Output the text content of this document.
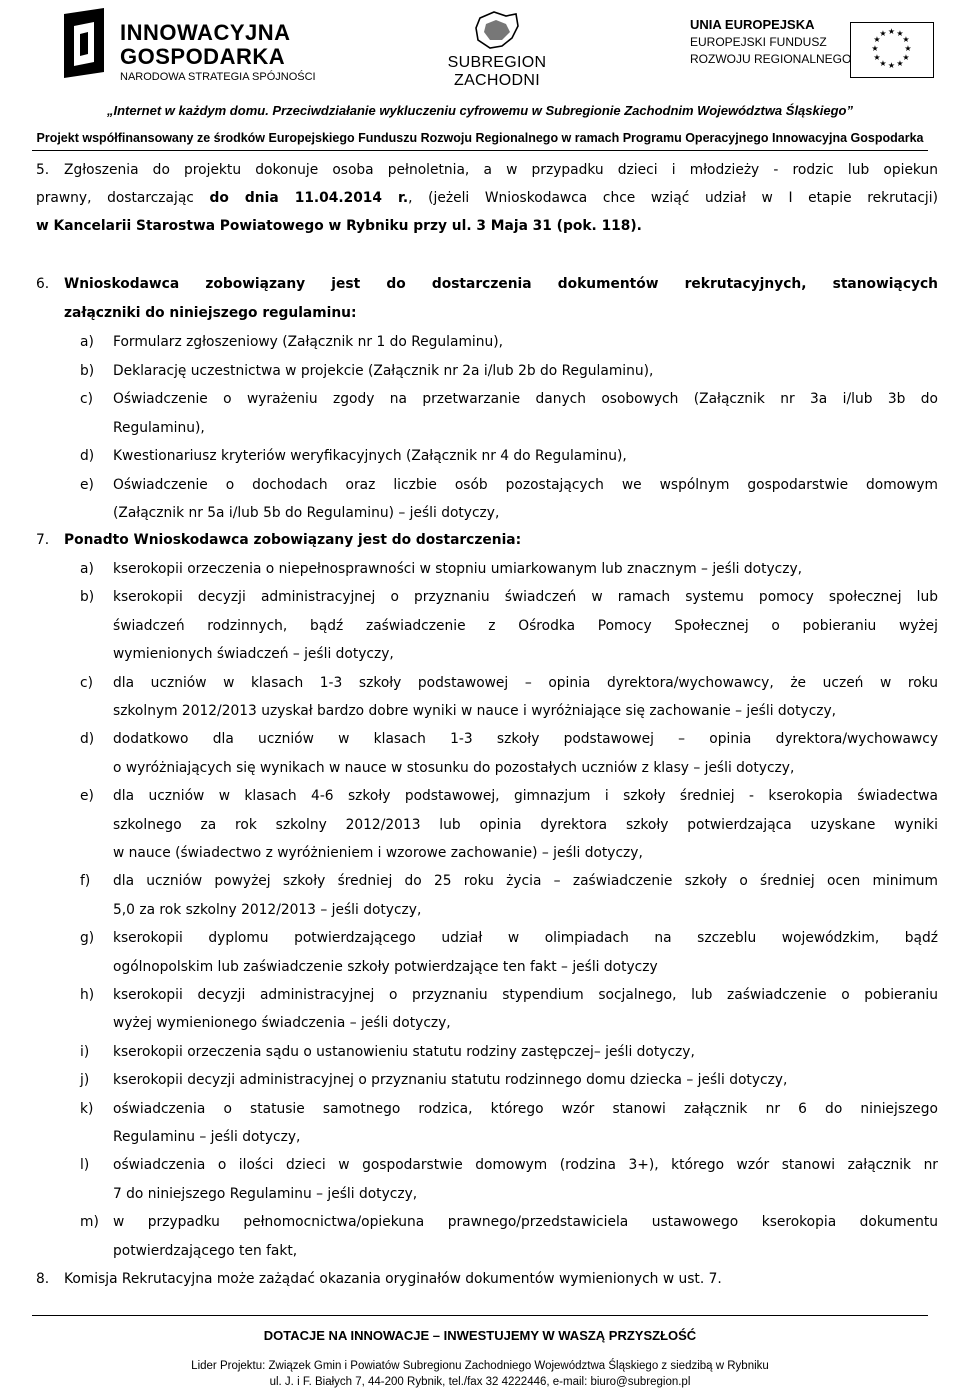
INNOWACYJNA
GOSPODARKA
NARODOWA STRATEGIA SPÓJNOŚCI
SUBREGION ZACHODNI
UNIA EUROPEJSKA
EUROPEJSKI FUNDUSZ
ROZWOJU REGIONALNEGO
★ ★
★
★
★
★
★
★
★
★
★
★
„Internet w każdym domu. Przeciwdziałanie wykluczeniu cyfrowemu w Subregionie Zachodnim Województwa Śląskiego”
Projekt współfinansowany ze środków Europejskiego Funduszu Rozwoju Regionalnego w ramach Programu Operacyjnego Innowacyjna Gospodarka
5. Zgłoszenia do projektu dokonuje osoba pełnoletnia, a w przypadku dzieci i młodzieży - rodzic lub opiekun
prawny, dostarczając do dnia 11.04.2014 r., (jeżeli Wnioskodawca chce wziąć udział w I etapie rekrutacji)
w Kancelarii Starostwa Powiatowego w Rybniku przy ul. 3 Maja 31 (pok. 118).
6. Wnioskodawca zobowiązany jest do dostarczenia dokumentów rekrutacyjnych, stanowiących
załączniki do niniejszego regulaminu:
a) Formularz zgłoszeniowy (Załącznik nr 1 do Regulaminu),
b) Deklarację uczestnictwa w projekcie (Załącznik nr 2a i/lub 2b do Regulaminu),
c) Oświadczenie o wyrażeniu zgody na przetwarzanie danych osobowych (Załącznik nr 3a i/lub 3b do
Regulaminu),
d) Kwestionariusz kryteriów weryfikacyjnych (Załącznik nr 4 do Regulaminu),
e) Oświadczenie o dochodach oraz liczbie osób pozostających we wspólnym gospodarstwie domowym
(Załącznik nr 5a i/lub 5b do Regulaminu) – jeśli dotyczy,
7. Ponadto Wnioskodawca zobowiązany jest do dostarczenia:
a) kserokopii orzeczenia o niepełnosprawności w stopniu umiarkowanym lub znacznym – jeśli dotyczy,
b) kserokopii decyzji administracyjnej o przyznaniu świadczeń w ramach systemu pomocy społecznej lub
świadczeń rodzinnych, bądź zaświadczenie z Ośrodka Pomocy Społecznej o pobieraniu wyżej
wymienionych świadczeń – jeśli dotyczy,
c) dla uczniów w klasach 1-3 szkoły podstawowej – opinia dyrektora/wychowawcy, że uczeń w roku
szkolnym 2012/2013 uzyskał bardzo dobre wyniki w nauce i wyróżniające się zachowanie – jeśli dotyczy,
d) dodatkowo dla uczniów w klasach 1-3 szkoły podstawowej – opinia dyrektora/wychowawcy
o wyróżniających się wynikach w nauce w stosunku do pozostałych uczniów z klasy – jeśli dotyczy,
e) dla uczniów w klasach 4-6 szkoły podstawowej, gimnazjum i szkoły średniej - kserokopia świadectwa
szkolnego za rok szkolny 2012/2013 lub opinia dyrektora szkoły potwierdzająca uzyskane wyniki
w nauce (świadectwo z wyróżnieniem i wzorowe zachowanie) – jeśli dotyczy,
f) dla uczniów powyżej szkoły średniej do 25 roku życia – zaświadczenie szkoły o średniej ocen minimum
5,0 za rok szkolny 2012/2013 – jeśli dotyczy,
g) kserokopii dyplomu potwierdzającego udział w olimpiadach na szczeblu wojewódzkim, bądź
ogólnopolskim lub zaświadczenie szkoły potwierdzające ten fakt – jeśli dotyczy
h) kserokopii decyzji administracyjnej o przyznaniu stypendium socjalnego, lub zaświadczenie o pobieraniu
wyżej wymienionego świadczenia – jeśli dotyczy,
i) kserokopii orzeczenia sądu o ustanowieniu statutu rodziny zastępczej– jeśli dotyczy,
j) kserokopii decyzji administracyjnej o przyznaniu statutu rodzinnego domu dziecka – jeśli dotyczy,
k) oświadczenia o statusie samotnego rodzica, którego wzór stanowi załącznik nr 6 do niniejszego
Regulaminu – jeśli dotyczy,
l) oświadczenia o ilości dzieci w gospodarstwie domowym (rodzina 3+), którego wzór stanowi załącznik nr
7 do niniejszego Regulaminu – jeśli dotyczy,
m) w przypadku pełnomocnictwa/opiekuna prawnego/przedstawiciela ustawowego kserokopia dokumentu
potwierdzającego ten fakt,
8. Komisja Rekrutacyjna może zażądać okazania oryginałów dokumentów wymienionych w ust. 7.
DOTACJE NA INNOWACJE – INWESTUJEMY W WASZĄ PRZYSZŁOŚĆ
Lider Projektu: Związek Gmin i Powiatów Subregionu Zachodniego Województwa Śląskiego z siedzibą w Rybniku
ul. J. i F. Białych 7, 44-200 Rybnik, tel./fax 32 4222446, e-mail: biuro@subregion.pl
